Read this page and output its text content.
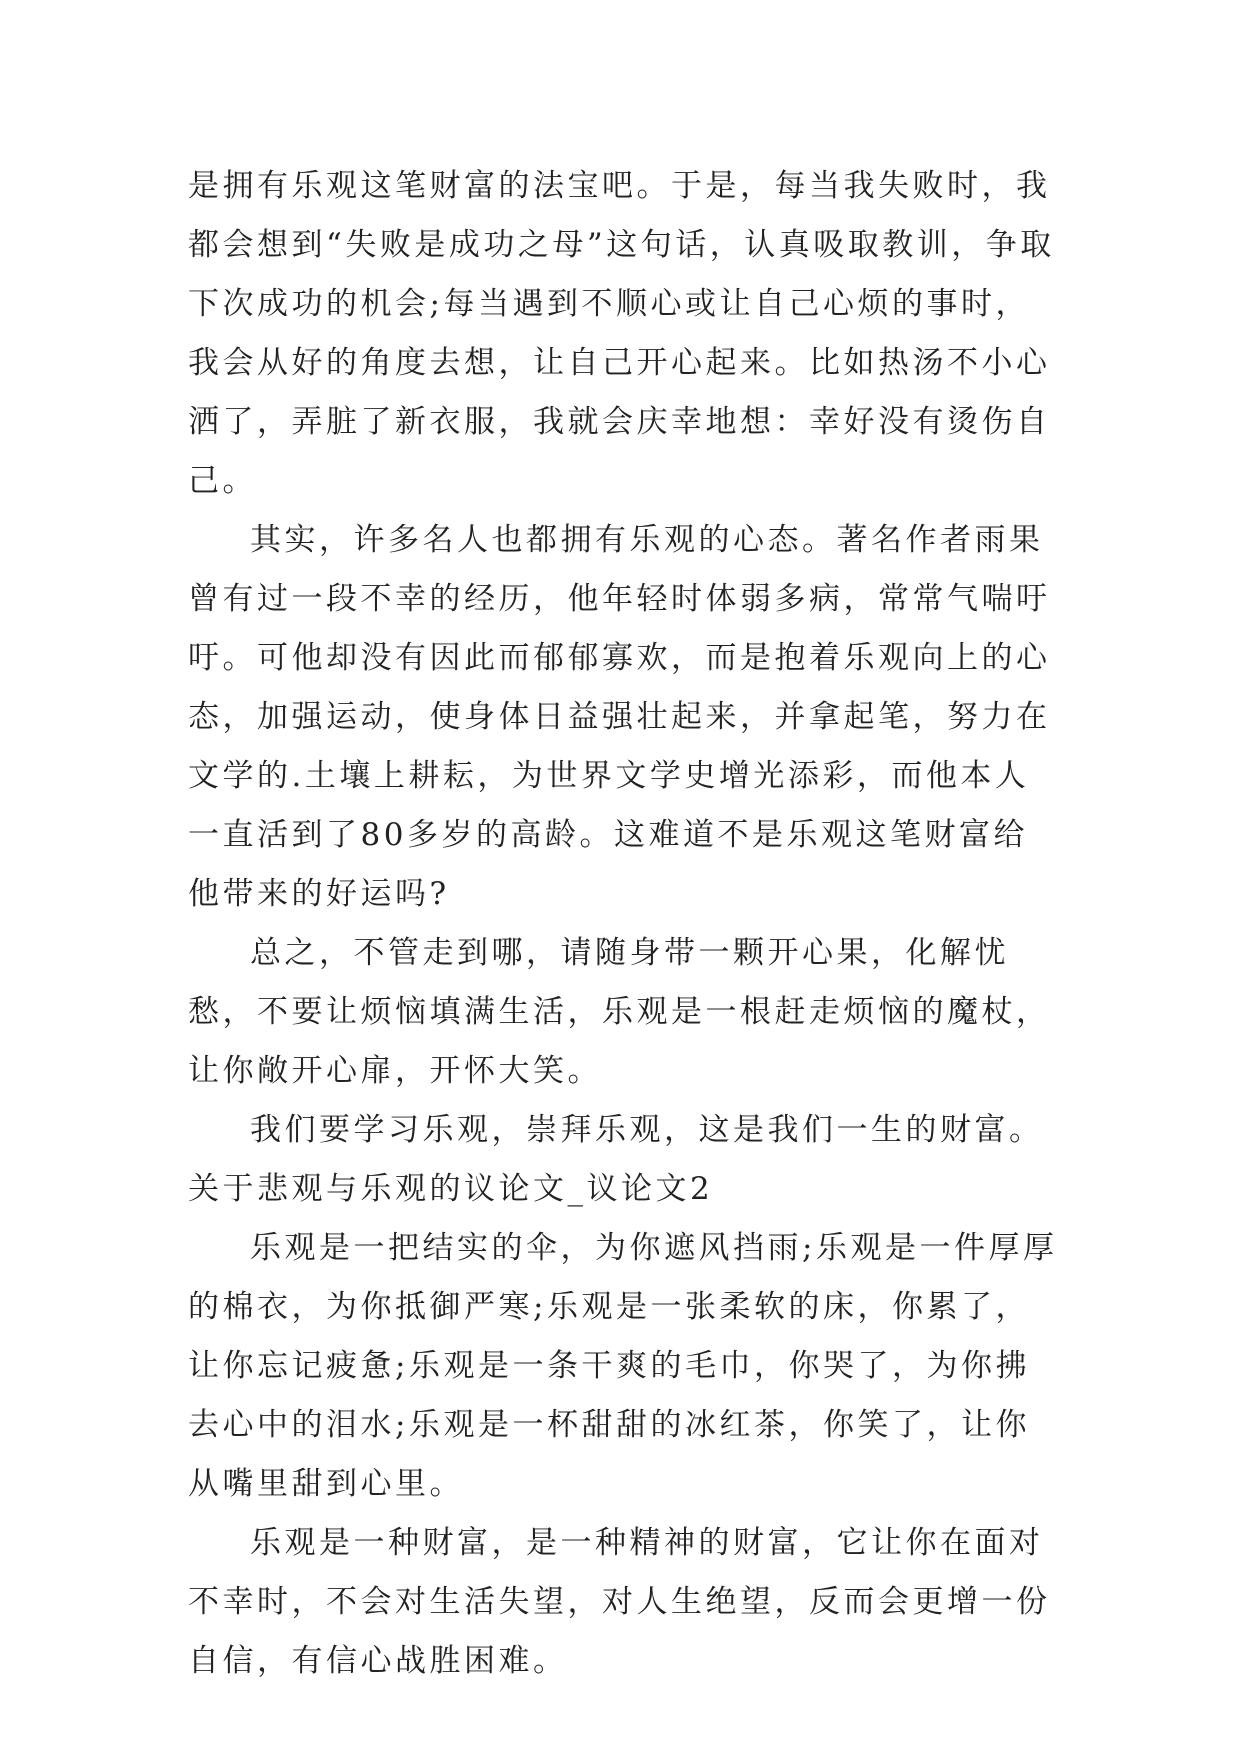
是拥有乐观这笔财富的法宝吧。于是，每当我失败时，我都会想到“失败是成功之母”这句话，认真吸取教训，争取下次成功的机会;每当遇到不顺心或让自己心烦的事时，我会从好的角度去想，让自己开心起来。比如热汤不小心洒了，弄脏了新衣服，我就会庆幸地想：幸好没有烫伤自己。

其实，许多名人也都拥有乐观的心态。著名作者雨果曾有过一段不幸的经历，他年轻时体弱多病，常常气喘吁吁。可他却没有因此而郁郁寡欢，而是抱着乐观向上的心态，加强运动，使身体日益强壮起来，并拿起笔，努力在文学的.土壤上耕耘，为世界文学史增光添彩，而他本人一直活到了80多岁的高龄。这难道不是乐观这笔财富给他带来的好运吗?

总之，不管走到哪，请随身带一颗开心果，化解忧愁，不要让烦恼填满生活，乐观是一根赶走烦恼的魔杖，让你敞开心扉，开怀大笑。

我们要学习乐观，崇拜乐观，这是我们一生的财富。

关于悲观与乐观的议论文_议论文2

乐观是一把结实的伞，为你遮风挡雨;乐观是一件厚厚的棉衣，为你抵御严寒;乐观是一张柔软的床，你累了，让你忘记疲惫;乐观是一条干爽的毛巾，你哭了，为你拂去心中的泪水;乐观是一杯甜甜的冰红茶，你笑了，让你从嘴里甜到心里。

乐观是一种财富，是一种精神的财富，它让你在面对不幸时，不会对生活失望，对人生绝望，反而会更增一份自信，有信心战胜困难。
